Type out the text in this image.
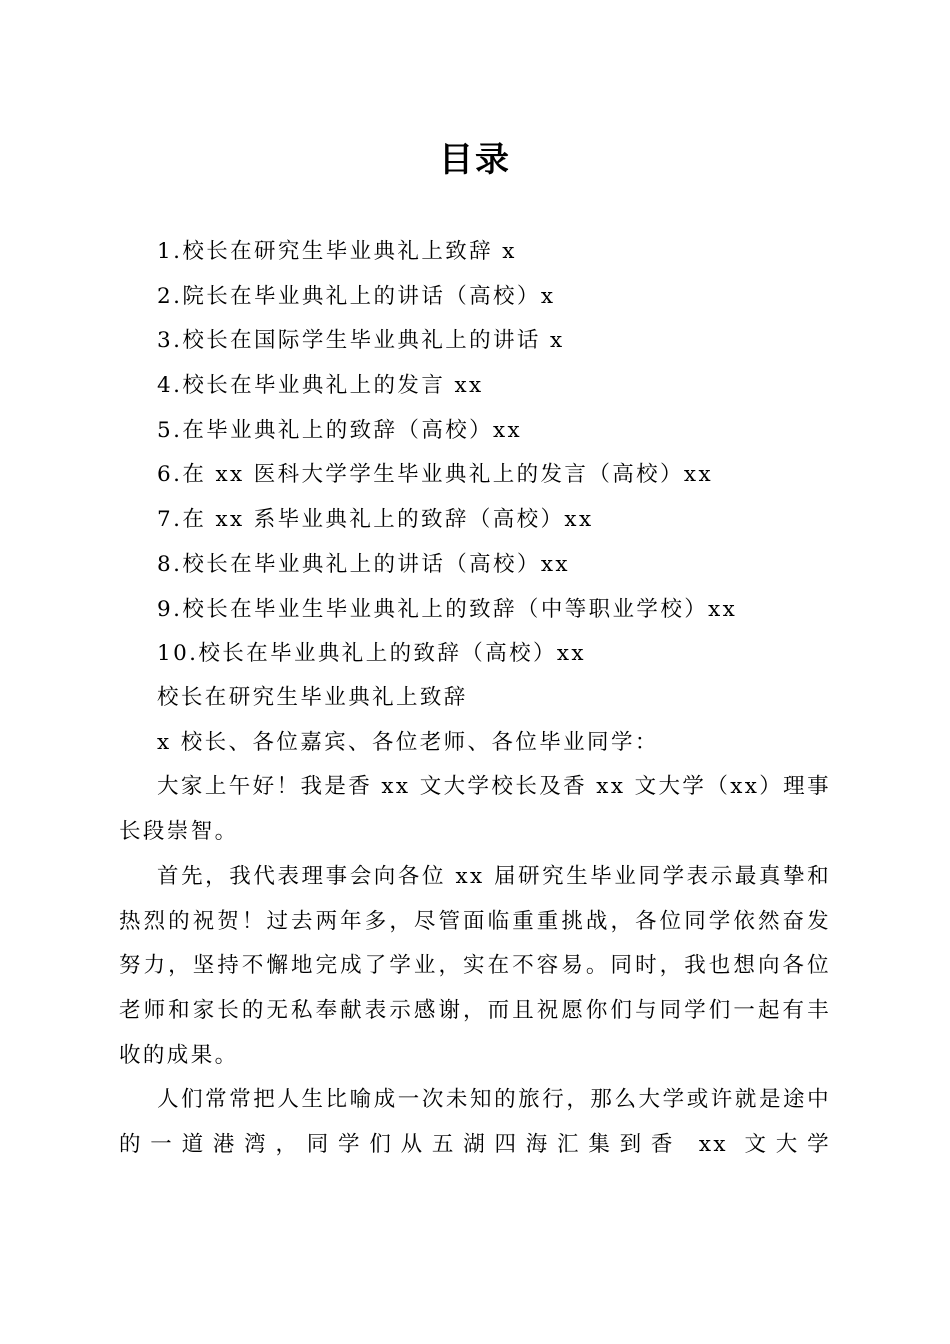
目录
1.校长在研究生毕业典礼上致辞 x
2.院长在毕业典礼上的讲话（高校）x
3.校长在国际学生毕业典礼上的讲话 x
4.校长在毕业典礼上的发言 xx
5.在毕业典礼上的致辞（高校）xx
6.在 xx 医科大学学生毕业典礼上的发言（高校）xx
7.在 xx 系毕业典礼上的致辞（高校）xx
8.校长在毕业典礼上的讲话（高校）xx
9.校长在毕业生毕业典礼上的致辞（中等职业学校）xx
10.校长在毕业典礼上的致辞（高校）xx

校长在研究生毕业典礼上致辞

x 校长、各位嘉宾、各位老师、各位毕业同学：

大家上午好！我是香 xx 文大学校长及香 xx 文大学（xx）理事长段崇智。

首先，我代表理事会向各位 xx 届研究生毕业同学表示最真挚和热烈的祝贺！过去两年多，尽管面临重重挑战，各位同学依然奋发努力，坚持不懈地完成了学业，实在不容易。同时，我也想向各位老师和家长的无私奉献表示感谢，而且祝愿你们与同学们一起有丰收的成果。

人们常常把人生比喻成一次未知的旅行，那么大学或许就是途中的一道港湾，同学们从五湖四海汇集到香 xx 文大学
